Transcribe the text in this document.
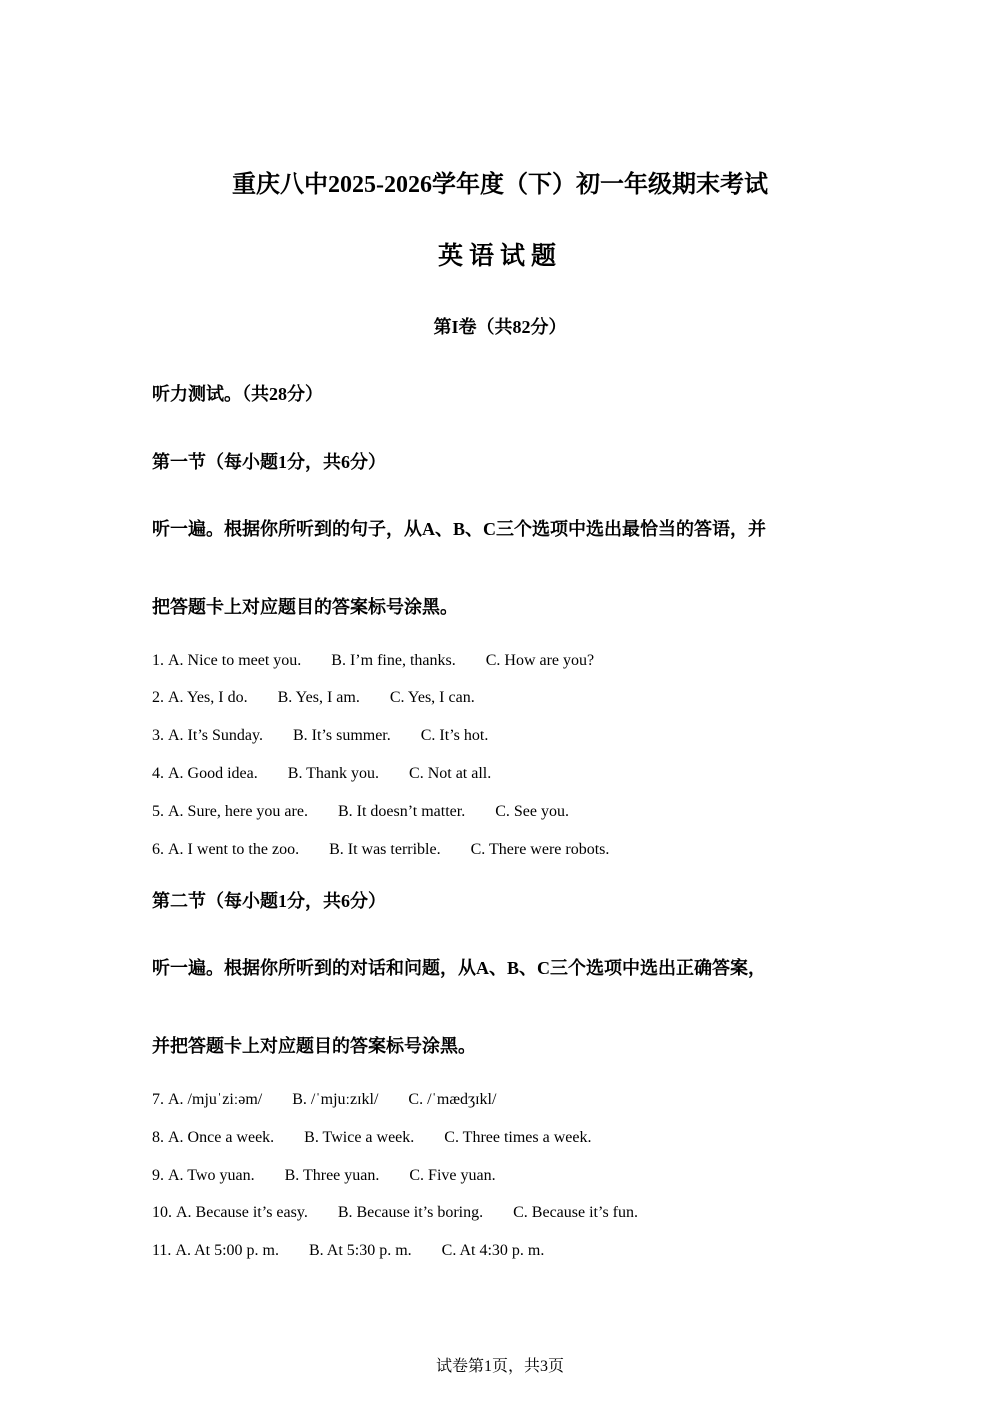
重庆八中2025-2026学年度（下）初一年级期末考试
英语试题
第I卷（共82分）
听力测试。（共28分）
第一节（每小题1分，共6分）
听一遍。根据你所听到的句子，从A、B、C三个选项中选出最恰当的答语，并
把答题卡上对应题目的答案标号涂黑。
1. A. Nice to meet you. B. I’m fine, thanks. C. How are you?
2. A. Yes, I do. B. Yes, I am. C. Yes, I can.
3. A. It’s Sunday. B. It’s summer. C. It’s hot.
4. A. Good idea. B. Thank you. C. Not at all.
5. A. Sure, here you are. B. It doesn’t matter. C. See you.
6. A. I went to the zoo. B. It was terrible. C. There were robots.
第二节（每小题1分，共6分）
听一遍。根据你所听到的对话和问题，从A、B、C三个选项中选出正确答案，
并把答题卡上对应题目的答案标号涂黑。
7. A. /mjuˈziːəm/ B. /ˈmjuːzɪkl/ C. /ˈmædʒɪkl/
8. A. Once a week. B. Twice a week. C. Three times a week.
9. A. Two yuan. B. Three yuan. C. Five yuan.
10. A. Because it’s easy. B. Because it’s boring. C. Because it’s fun.
11. A. At 5:00 p. m. B. At 5:30 p. m. C. At 4:30 p. m.
试卷第1页，共3页
